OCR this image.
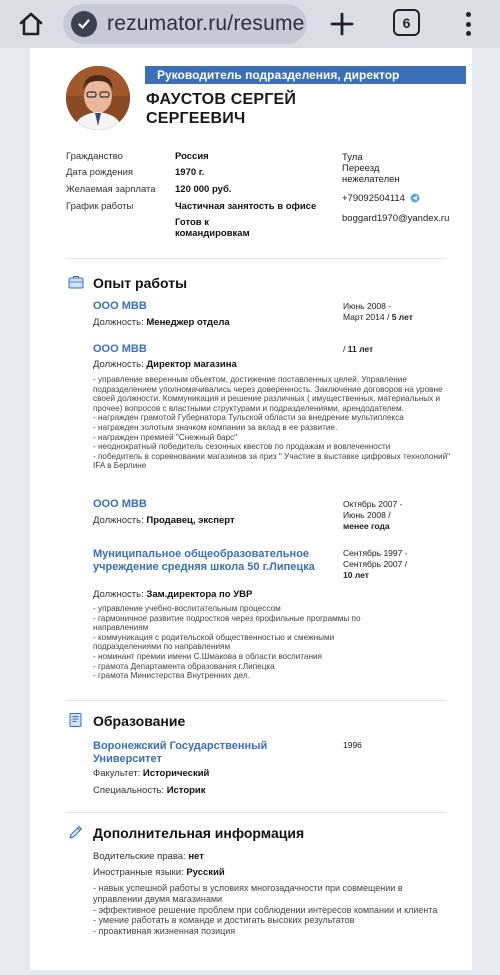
rezumator.ru/resume	6
Руководитель подразделения, директор
ФАУСТОВ СЕРГЕЙ
СЕРГЕЕВИЧ
Гражданство	Россия
Дата рождения	1970 г.
Желаемая зарплата 120 000 руб.
График работы	Частичная занятость в офисе
Готов к
командировкам
Тула
Переезд
нежелателен
+79092504114
boggard1970@yandex.ru
Опыт работы
ООО МВВ
Должность: Менеджер отдела
Июнь 2008 -
Март 2014 / 5 лет
ООО МВВ
Должность: Директор магазина
/ 11 лет
- управление вверенным обьектом, достижение поставленных целей. Управление подразделением уполномачивались через доверенность. Заключение договоров на уровне своей должности. Коммуникация и решение различных ( имущественных, материальных и прочее) вопросов с властными структурами и подразделениями, арендодателем.
- награжден грамотой Губернатора Тульской области за внедрение мультиплекса
- награжден золотым значком компании за вклад в ее развитие.
- награжден премией "Снежный барс"
- неоднократный победитель сезонных квестов по продажам и вовлеченности
- победитель в соревновании магазинов за приз " Участие в выставке цифровых технолоний" IFA в Берлине
ООО МВВ
Должность: Продавец, эксперт
Октябрь 2007 -
Июнь 2008 /
менее года
Муниципальное общеобразовательное учреждение средняя школа 50 г.Липецка
Должность: Зам.директора по УВР
Сентябрь 1997 -
Сентябрь 2007 /
10 лет
- управление учебно-воспитательным процессом
- гармоничное развитие подростков через профильные программы по направлениям
- коммуникация с родительской общественностью и смежными подразделениями по направлениям
- номинант премии имени С.Шмакова в области воспитания
- грамота Департамента образования г.Липецка
- грамота Министерства Внутренних дел.
Образование
Воронежский Государственный Университет
1996
Факультет: Исторический
Специальность: Историк
Дополнительная информация
Водительские права: нет
Иностранные языки: Русский
- навык успешной работы в условиях многозадачности при совмещении в управлении двумя магазинами
- эффективное решение проблем при соблюдении интересов компании и клиента
- умение работать в команде и достигать высоких результатов
- проактивная жизненная позиция
